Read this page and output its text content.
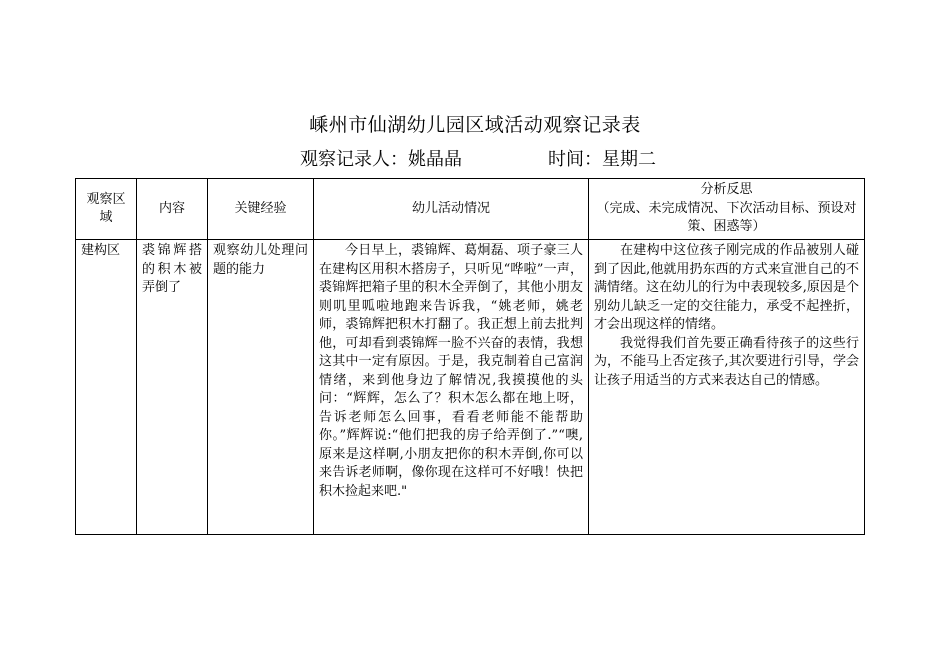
嵊州市仙湖幼儿园区域活动观察记录表
观察记录人：姚晶晶	时间：星期二
观察区域	内容	关键经验	幼儿活动情况	分析反思
（完成、未完成情况、下次活动目标、预设对策、困惑等）

建构区	裘锦辉搭的积木被弄倒了	观察幼儿处理问题的能力	今日早上，裘锦辉、葛炯磊、项子豪三人在建构区用积木搭房子，只听见“哗啦”一声，裘锦辉把箱子里的积木全弄倒了，其他小朋友则叽里呱啦地跑来告诉我，“姚老师，姚老师，裘锦辉把积木打翻了。我正想上前去批判他，可却看到裘锦辉一脸不兴奋的表情，我想这其中一定有原因。于是，我克制着自己富润情绪，来到他身边了解情况,我摸摸他的头问：“辉辉，怎么了？积木怎么都在地上呀，告诉老师怎么回事，看看老师能不能帮助你。”辉辉说:“他们把我的房子给弄倒了.”“噢,原来是这样啊,小朋友把你的积木弄倒,你可以来告诉老师啊，像你现在这样可不好哦！快把积木捡起来吧."	在建构中这位孩子刚完成的作品被别人碰到了因此,他就用扔东西的方式来宣泄自己的不满情绪。这在幼儿的行为中表现较多,原因是个别幼儿缺乏一定的交往能力，承受不起挫折，才会出现这样的情绪。

我觉得我们首先要正确看待孩子的这些行为，不能马上否定孩子,其次要进行引导，学会让孩子用适当的方式来表达自己的情感。
